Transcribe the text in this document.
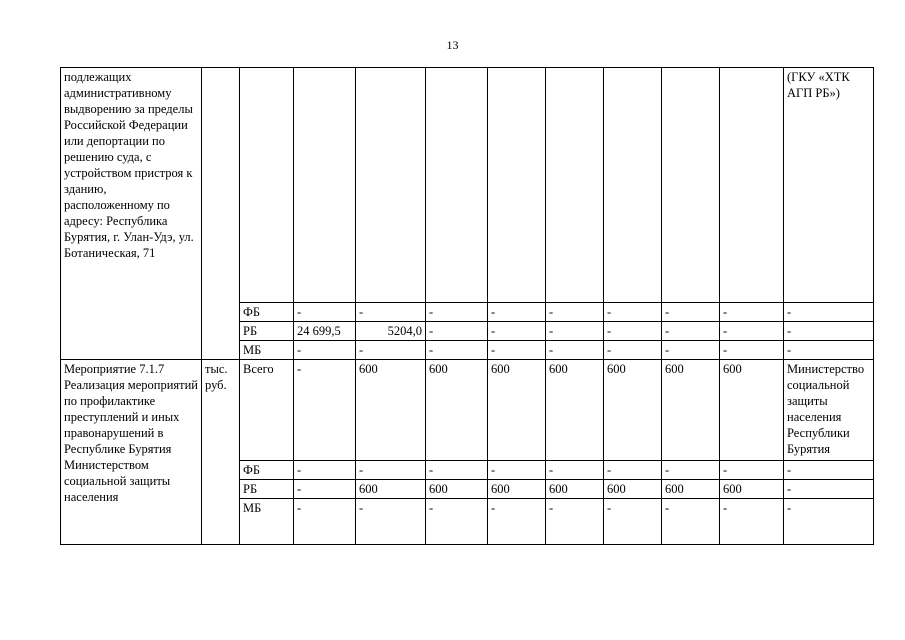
13
подлежащих административному выдворению за пределы Российской Федерации или депортации по решению суда, с устройством пристроя к зданию, расположенному по адресу: Республика Бурятия, г. Улан-Удэ, ул. Ботаническая, 71											(ГКУ «ХТК АГП РБ»)
		ФБ	-	-	-	-	-	-	-	-	-
		РБ	24 699,5	5204,0	-	-	-	-	-	-	-
		МБ	-	-	-	-	-	-	-	-	-
Мероприятие 7.1.7 Реализация мероприятий по профилактике преступлений и иных правонарушений в Республике Бурятия Министерством социальной защиты населения	тыс. руб.	Всего	-	600	600	600	600	600	600	600	Министерство социальной защиты населения Республики Бурятия
		ФБ	-	-	-	-	-	-	-	-	-
		РБ	-	600	600	600	600	600	600	600	-
		МБ	-	-	-	-	-	-	-	-	-
